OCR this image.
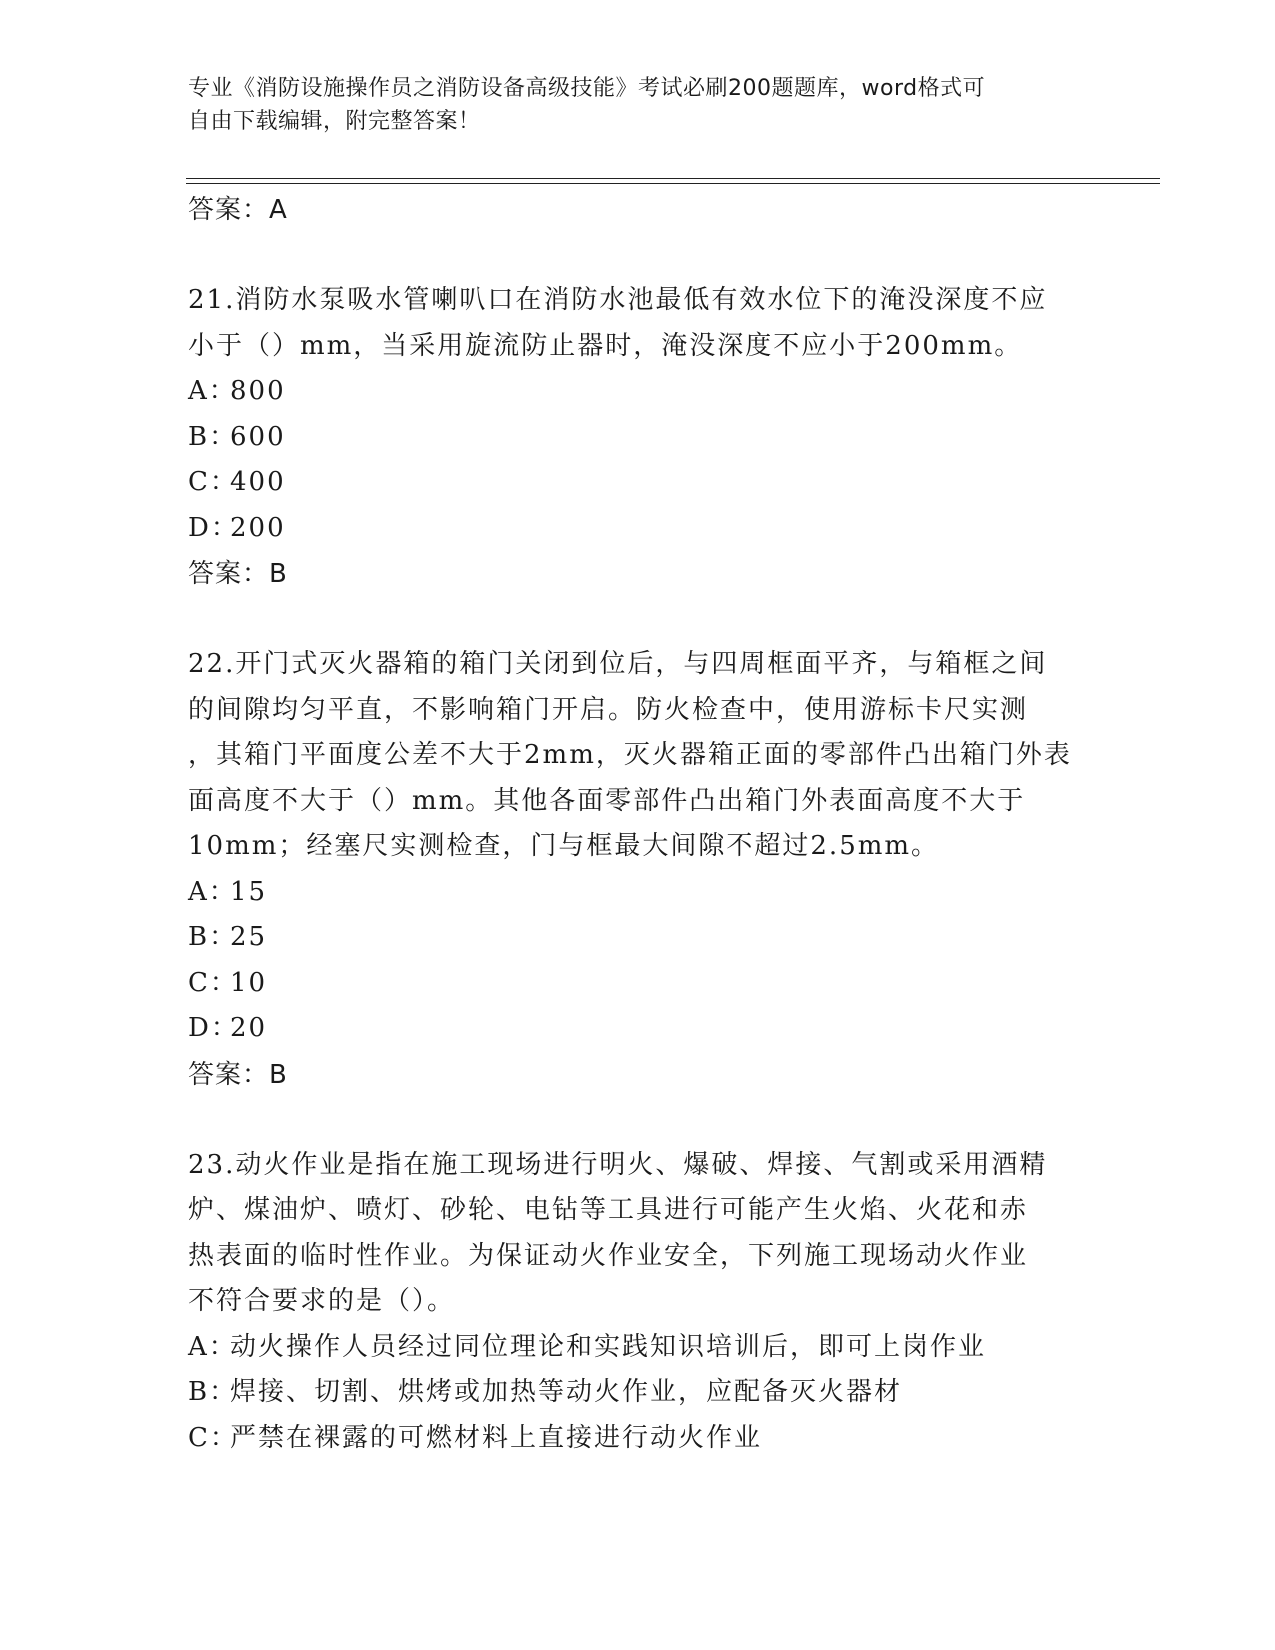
专业《消防设施操作员之消防设备高级技能》考试必刷200题题库，word格式可
自由下载编辑，附完整答案！
答案：A
21.消防水泵吸水管喇叭口在消防水池最低有效水位下的淹没深度不应
小于（）mm，当采用旋流防止器时，淹没深度不应小于200mm。
A：800
B：600
C：400
D：200
答案：B
22.开门式灭火器箱的箱门关闭到位后，与四周框面平齐，与箱框之间
的间隙均匀平直，不影响箱门开启。防火检查中，使用游标卡尺实测
，其箱门平面度公差不大于2mm，灭火器箱正面的零部件凸出箱门外表
面高度不大于（）mm。其他各面零部件凸出箱门外表面高度不大于
10mm；经塞尺实测检查，门与框最大间隙不超过2.5mm。
A：15
B：25
C：10
D：20
答案：B
23.动火作业是指在施工现场进行明火、爆破、焊接、气割或采用酒精
炉、煤油炉、喷灯、砂轮、电钻等工具进行可能产生火焰、火花和赤
热表面的临时性作业。为保证动火作业安全，下列施工现场动火作业
不符合要求的是（）。
A：动火操作人员经过同位理论和实践知识培训后，即可上岗作业
B：焊接、切割、烘烤或加热等动火作业，应配备灭火器材
C：严禁在裸露的可燃材料上直接进行动火作业
